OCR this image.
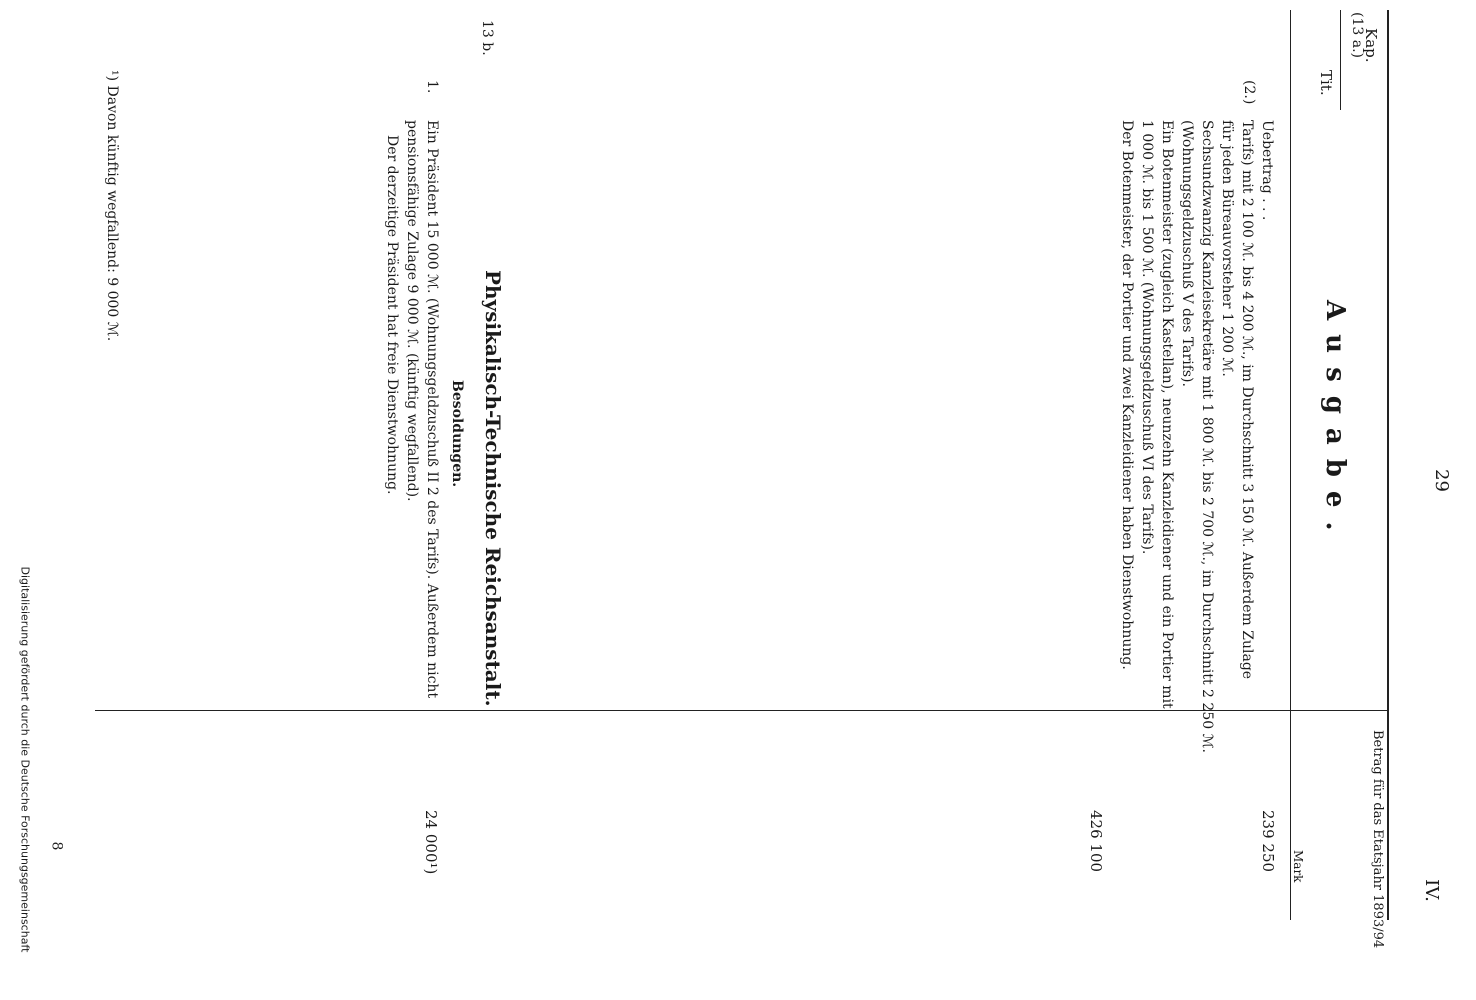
29
IV.
Digitalisierung gefördert durch die Deutsche Forschungsgemeinschaft 8
Kap.
Tit.
Betrag für das Etatsjahr 1893/94
Mark
Ausgabe.
(13 a.)
(2.)
Uebertrag . . .
Tarifs) mit 2 100 ℳ. bis 4 200 ℳ., im Durchschnitt 3 150 ℳ. Außerdem Zulage
für jeden Büreauvorsteher 1 200 ℳ.
Sechsundzwanzig Kanzleisekretäre mit 1 800 ℳ. bis 2 700 ℳ., im Durchschnitt 2 250 ℳ.
(Wohnungsgeldzuschuß V des Tarifs).
Ein Botenmeister (zugleich Kastellan), neunzehn Kanzleidiener und ein Portier mit
1 000 ℳ. bis 1 500 ℳ. (Wohnungsgeldzuschuß VI des Tarifs).
Der Botenmeister, der Portier und zwei Kanzleidiener haben Dienstwohnung.
239 250
426 100
13 b.
1.
Physikalisch-Technische Reichsanstalt.
Besoldungen.
Ein Präsident 15 000 ℳ. (Wohnungsgeldzuschuß II 2 des Tarifs). Außerdem nicht
pensionsfähige Zulage 9 000 ℳ. (künftig wegfallend).
Der derzeitige Präsident hat freie Dienstwohnung.
24 000¹)
¹) Davon künftig wegfallend: 9 000 ℳ.
